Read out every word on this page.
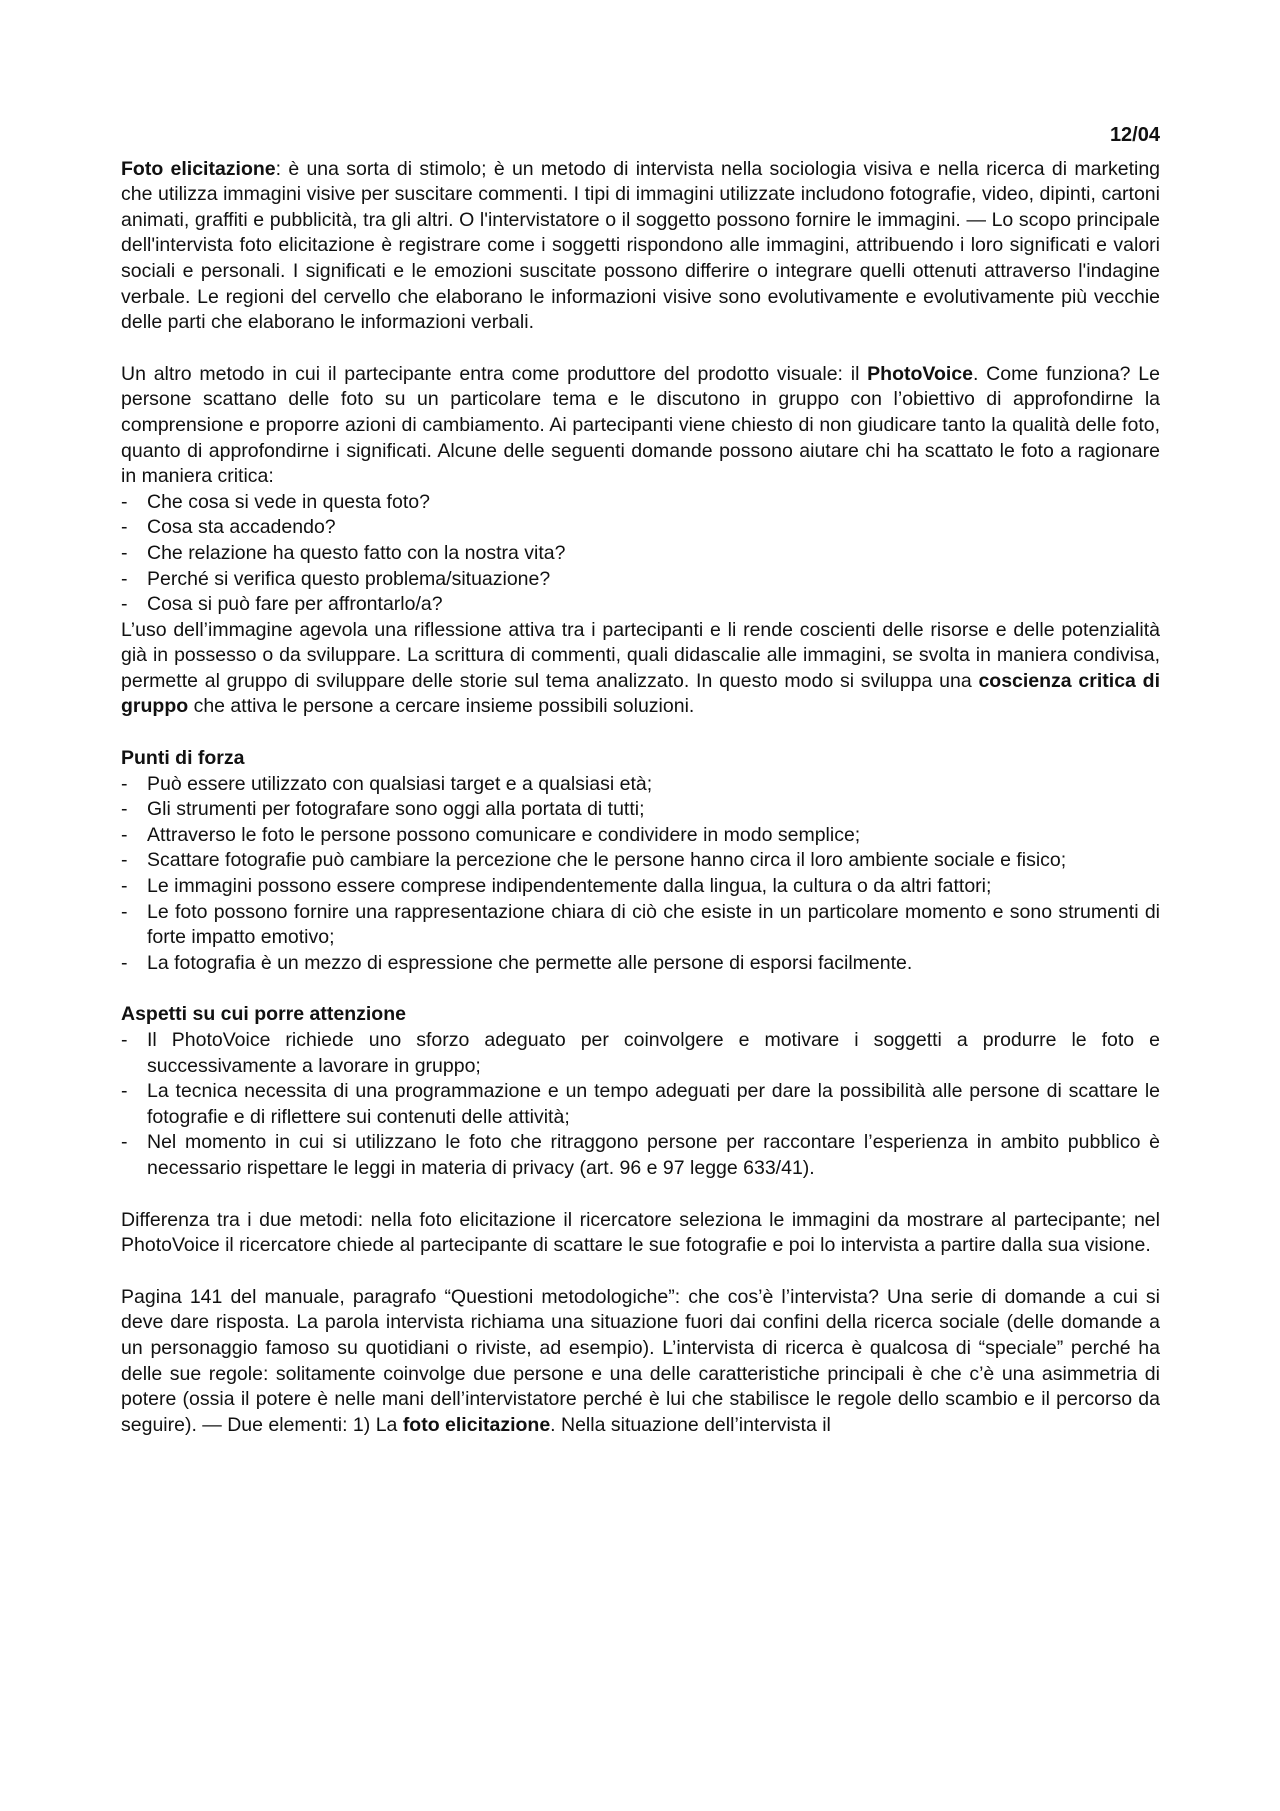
12/04

Foto elicitazione: è una sorta di stimolo; è un metodo di intervista nella sociologia visiva e nella ricerca di marketing che utilizza immagini visive per suscitare commenti. I tipi di immagini utilizzate includono fotografie, video, dipinti, cartoni animati, graffiti e pubblicità, tra gli altri. O l'intervistatore o il soggetto possono fornire le immagini. — Lo scopo principale dell'intervista foto elicitazione è registrare come i soggetti rispondono alle immagini, attribuendo i loro significati e valori sociali e personali. I significati e le emozioni suscitate possono differire o integrare quelli ottenuti attraverso l'indagine verbale. Le regioni del cervello che elaborano le informazioni visive sono evolutivamente e evolutivamente più vecchie delle parti che elaborano le informazioni verbali.

Un altro metodo in cui il partecipante entra come produttore del prodotto visuale: il PhotoVoice. Come funziona? Le persone scattano delle foto su un particolare tema e le discutono in gruppo con l’obiettivo di approfondirne la comprensione e proporre azioni di cambiamento. Ai partecipanti viene chiesto di non giudicare tanto la qualità delle foto, quanto di approfondirne i significati. Alcune delle seguenti domande possono aiutare chi ha scattato le foto a ragionare in maniera critica:

- Che cosa si vede in questa foto?
- Cosa sta accadendo?
- Che relazione ha questo fatto con la nostra vita?
- Perché si verifica questo problema/situazione?
- Cosa si può fare per affrontarlo/a?

L’uso dell’immagine agevola una riflessione attiva tra i partecipanti e li rende coscienti delle risorse e delle potenzialità già in possesso o da sviluppare. La scrittura di commenti, quali didascalie alle immagini, se svolta in maniera condivisa, permette al gruppo di sviluppare delle storie sul tema analizzato. In questo modo si sviluppa una coscienza critica di gruppo che attiva le persone a cercare insieme possibili soluzioni.

Punti di forza

- Può essere utilizzato con qualsiasi target e a qualsiasi età;
- Gli strumenti per fotografare sono oggi alla portata di tutti;
- Attraverso le foto le persone possono comunicare e condividere in modo semplice;
- Scattare fotografie può cambiare la percezione che le persone hanno circa il loro ambiente sociale e fisico;
- Le immagini possono essere comprese indipendentemente dalla lingua, la cultura o da altri fattori;
- Le foto possono fornire una rappresentazione chiara di ciò che esiste in un particolare momento e sono strumenti di forte impatto emotivo;
- La fotografia è un mezzo di espressione che permette alle persone di esporsi facilmente.

Aspetti su cui porre attenzione

- Il PhotoVoice richiede uno sforzo adeguato per coinvolgere e motivare i soggetti a produrre le foto e successivamente a lavorare in gruppo;
- La tecnica necessita di una programmazione e un tempo adeguati per dare la possibilità alle persone di scattare le fotografie e di riflettere sui contenuti delle attività;
- Nel momento in cui si utilizzano le foto che ritraggono persone per raccontare l’esperienza in ambito pubblico è necessario rispettare le leggi in materia di privacy (art. 96 e 97 legge 633/41).

Differenza tra i due metodi: nella foto elicitazione il ricercatore seleziona le immagini da mostrare al partecipante; nel PhotoVoice il ricercatore chiede al partecipante di scattare le sue fotografie e poi lo intervista a partire dalla sua visione.

Pagina 141 del manuale, paragrafo “Questioni metodologiche”: che cos’è l’intervista? Una serie di domande a cui si deve dare risposta. La parola intervista richiama una situazione fuori dai confini della ricerca sociale (delle domande a un personaggio famoso su quotidiani o riviste, ad esempio). L’intervista di ricerca è qualcosa di “speciale” perché ha delle sue regole: solitamente coinvolge due persone e una delle caratteristiche principali è che c’è una asimmetria di potere (ossia il potere è nelle mani dell’intervistatore perché è lui che stabilisce le regole dello scambio e il percorso da seguire). — Due elementi: 1) La foto elicitazione. Nella situazione dell’intervista il
